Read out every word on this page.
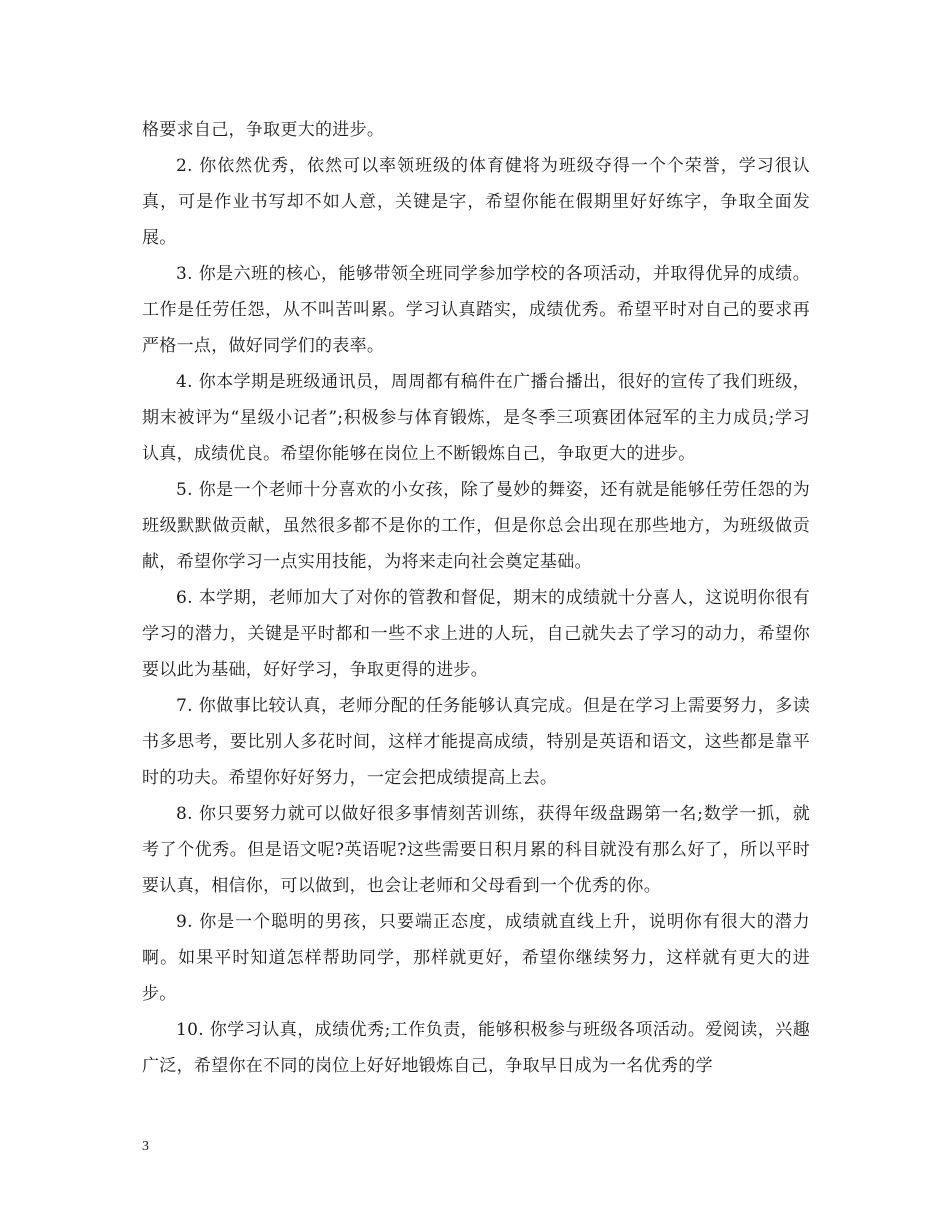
格要求自己，争取更大的进步。

2. 你依然优秀，依然可以率领班级的体育健将为班级夺得一个个荣誉，学习很认真，可是作业书写却不如人意，关键是字，希望你能在假期里好好练字，争取全面发展。

3. 你是六班的核心，能够带领全班同学参加学校的各项活动，并取得优异的成绩。工作是任劳任怨，从不叫苦叫累。学习认真踏实，成绩优秀。希望平时对自己的要求再严格一点，做好同学们的表率。

4. 你本学期是班级通讯员，周周都有稿件在广播台播出，很好的宣传了我们班级，期末被评为“星级小记者”;积极参与体育锻炼，是冬季三项赛团体冠军的主力成员;学习认真，成绩优良。希望你能够在岗位上不断锻炼自己，争取更大的进步。

5. 你是一个老师十分喜欢的小女孩，除了曼妙的舞姿，还有就是能够任劳任怨的为班级默默做贡献，虽然很多都不是你的工作，但是你总会出现在那些地方，为班级做贡献，希望你学习一点实用技能，为将来走向社会奠定基础。

6. 本学期，老师加大了对你的管教和督促，期末的成绩就十分喜人，这说明你很有学习的潜力，关键是平时都和一些不求上进的人玩，自己就失去了学习的动力，希望你要以此为基础，好好学习，争取更得的进步。

7. 你做事比较认真，老师分配的任务能够认真完成。但是在学习上需要努力，多读书多思考，要比别人多花时间，这样才能提高成绩，特别是英语和语文，这些都是靠平时的功夫。希望你好好努力，一定会把成绩提高上去。

8. 你只要努力就可以做好很多事情刻苦训练，获得年级盘踢第一名;数学一抓，就考了个优秀。但是语文呢?英语呢?这些需要日积月累的科目就没有那么好了，所以平时要认真，相信你，可以做到，也会让老师和父母看到一个优秀的你。

9. 你是一个聪明的男孩，只要端正态度，成绩就直线上升，说明你有很大的潜力啊。如果平时知道怎样帮助同学，那样就更好，希望你继续努力，这样就有更大的进步。

10. 你学习认真，成绩优秀;工作负责，能够积极参与班级各项活动。爱阅读，兴趣广泛，希望你在不同的岗位上好好地锻炼自己，争取早日成为一名优秀的学

3
